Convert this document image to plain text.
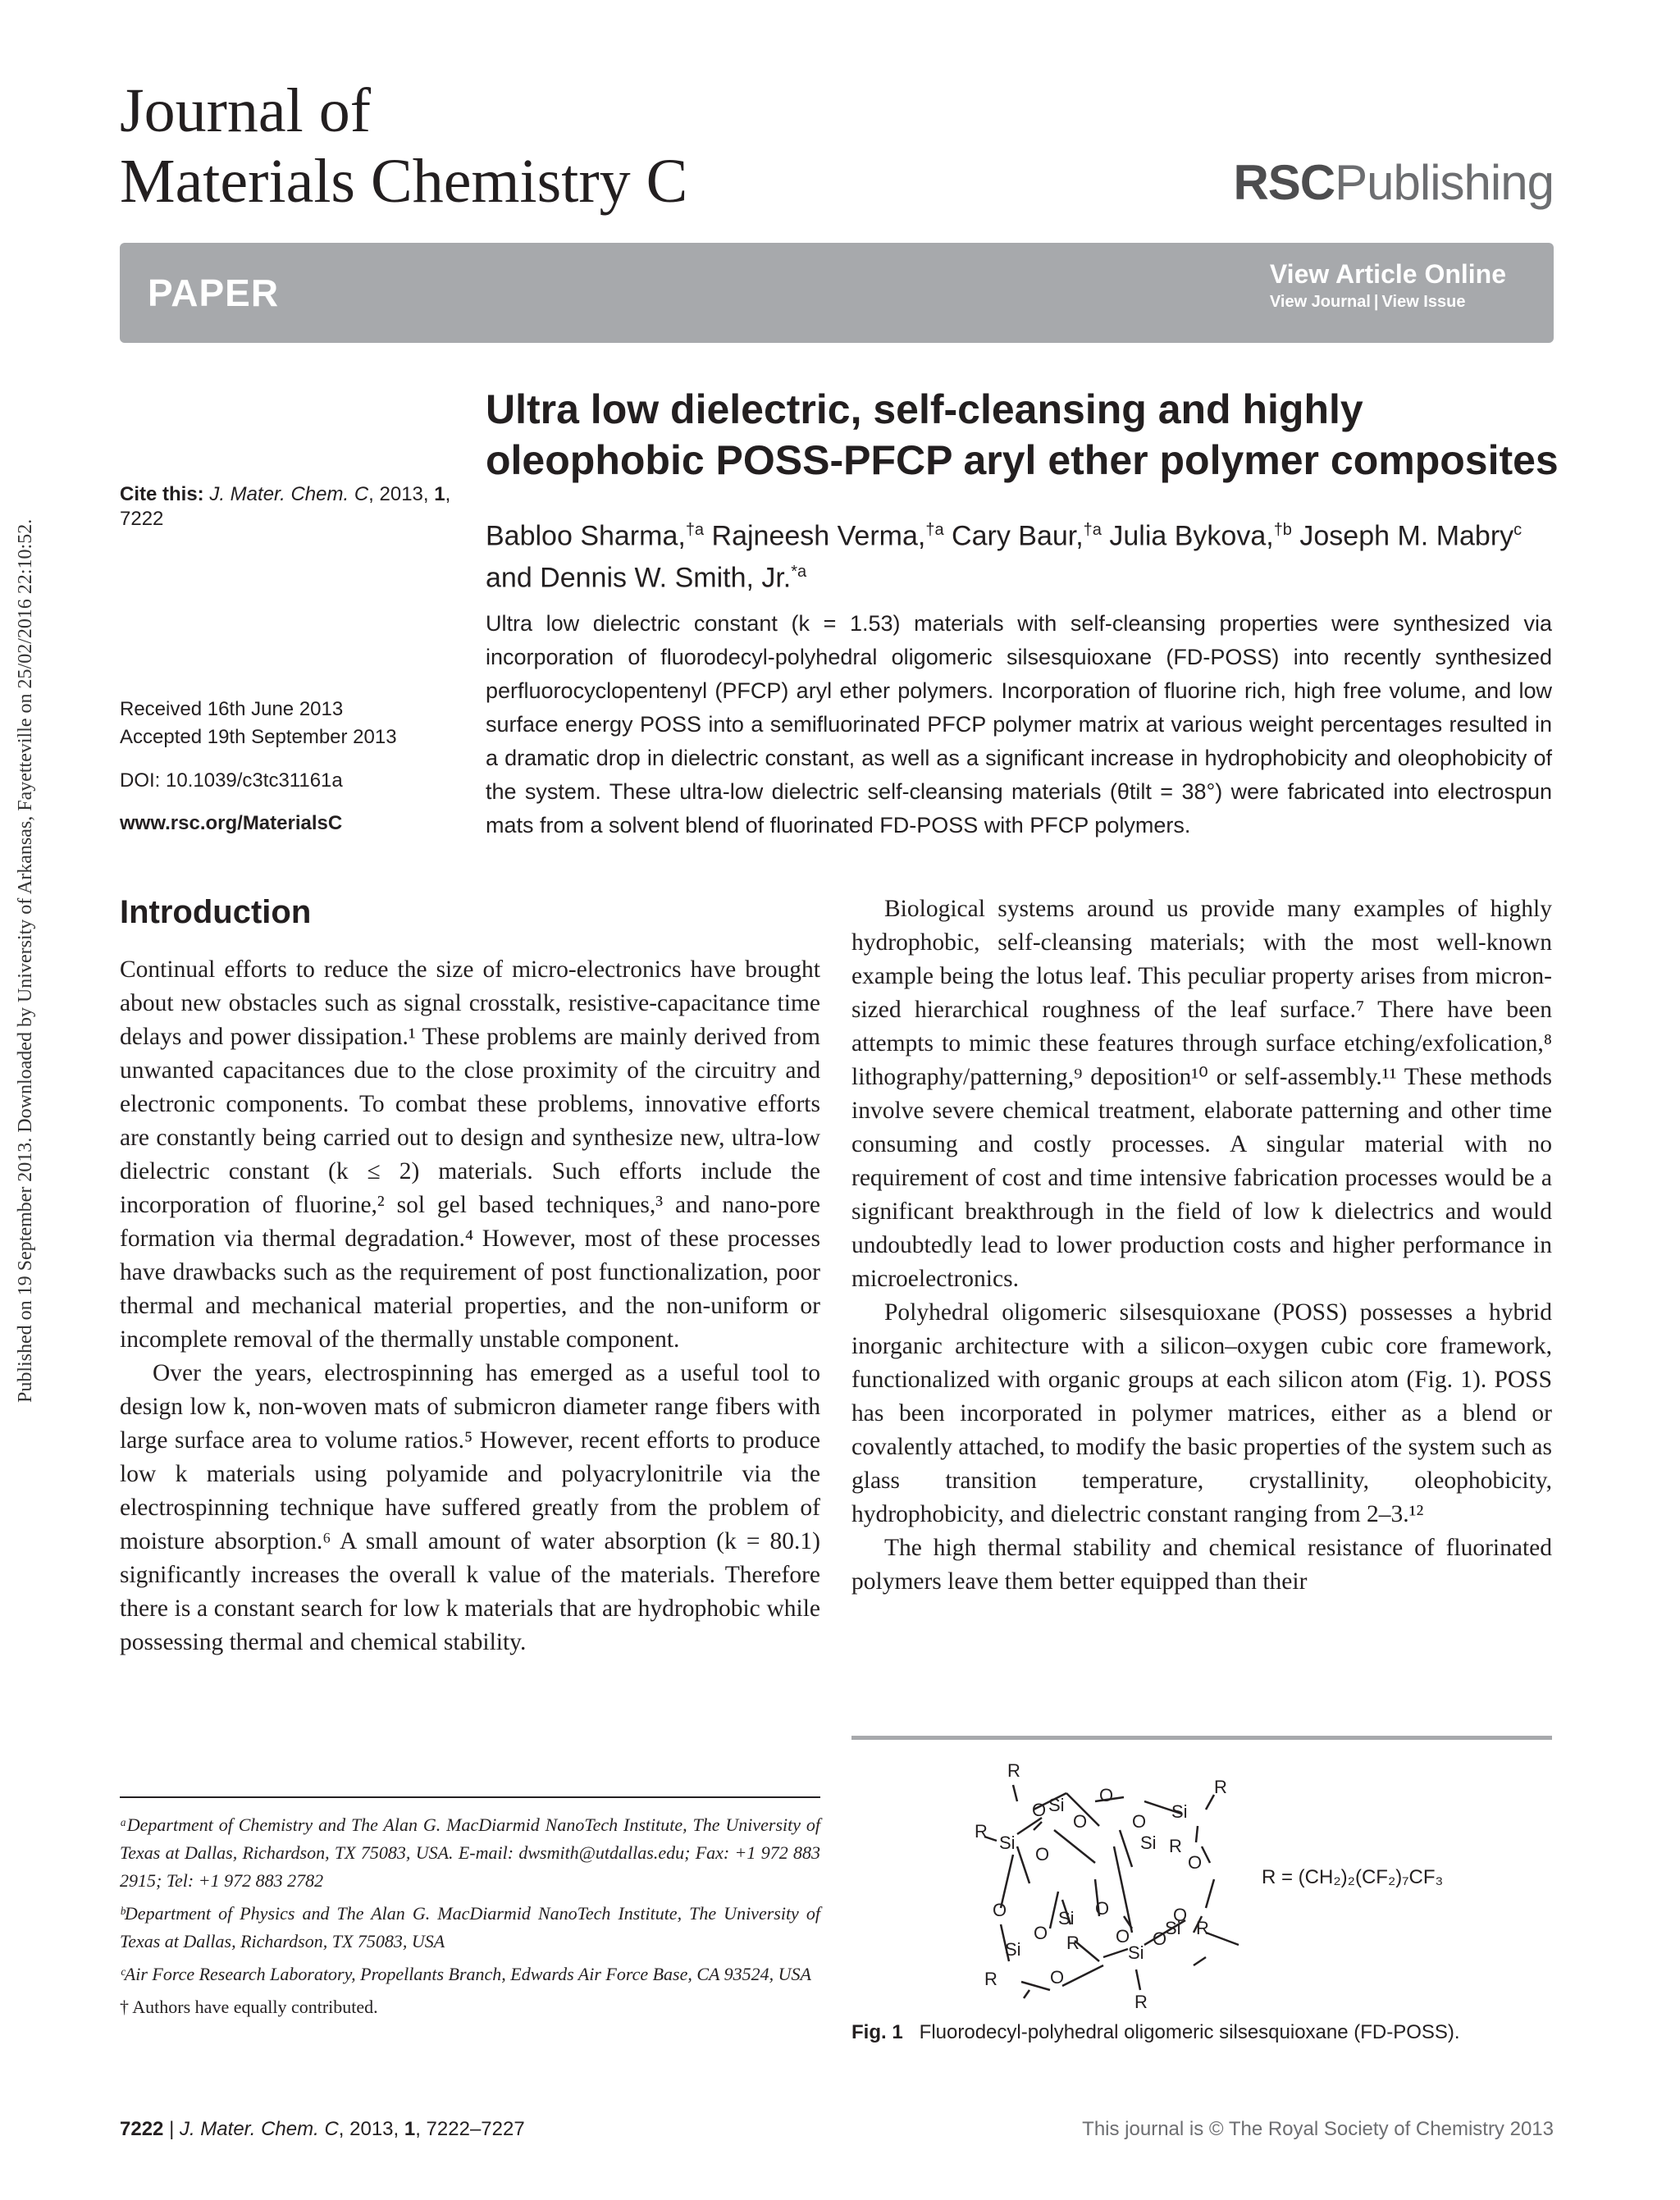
Published on 19 September 2013. Downloaded by University of Arkansas, Fayetteville on 25/02/2016 22:10:52.
Journal of
Materials Chemistry C	RSCPublishing
PAPER	View Article Online
View Journal | View Issue
Cite this: J. Mater. Chem. C, 2013, 1,
7222
Received 16th June 2013
Accepted 19th September 2013
DOI: 10.1039/c3tc31161a
www.rsc.org/MaterialsC
Ultra low dielectric, self-cleansing and highly
oleophobic POSS-PFCP aryl ether polymer composites
Babloo Sharma,$^{\dagger a}$ Rajneesh Verma,$^{\dagger a}$ Cary Baur,$^{\dagger a}$ Julia Bykova,$^{\dagger b}$ Joseph M. Mabry$^c$
and Dennis W. Smith, Jr.$^{*a}$
Ultra low dielectric constant (k = 1.53) materials with self-cleansing properties were synthesized via incorporation of fluorodecyl-polyhedral oligomeric silsesquioxane (FD-POSS) into recently synthesized perfluorocyclopentenyl (PFCP) aryl ether polymers. Incorporation of fluorine rich, high free volume, and low surface energy POSS into a semifluorinated PFCP polymer matrix at various weight percentages resulted in a dramatic drop in dielectric constant, as well as a significant increase in hydrophobicity and oleophobicity of the system. These ultra-low dielectric self-cleansing materials (θtilt = 38°) were fabricated into electrospun mats from a solvent blend of fluorinated FD-POSS with PFCP polymers.
Introduction

Continual efforts to reduce the size of micro-electronics have brought about new obstacles such as signal crosstalk, resistive-capacitance time delays and power dissipation.¹ These problems are mainly derived from unwanted capacitances due to the close proximity of the circuitry and electronic components. To combat these problems, innovative efforts are constantly being carried out to design and synthesize new, ultra-low dielectric constant (k ≤ 2) materials. Such efforts include the incorporation of fluorine,² sol gel based techniques,³ and nano-pore formation via thermal degradation.⁴ However, most of these processes have drawbacks such as the requirement of post functionalization, poor thermal and mechanical material properties, and the non-uniform or incomplete removal of the thermally unstable component.

Over the years, electrospinning has emerged as a useful tool to design low k, non-woven mats of submicron diameter range fibers with large surface area to volume ratios.⁵ However, recent efforts to produce low k materials using polyamide and polyacrylonitrile via the electrospinning technique have suffered greatly from the problem of moisture absorption.⁶ A small amount of water absorption (k = 80.1) significantly increases the overall k value of the materials. Therefore there is a constant search for low k materials that are hydrophobic while possessing thermal and chemical stability.

Biological systems around us provide many examples of highly hydrophobic, self-cleansing materials; with the most well-known example being the lotus leaf. This peculiar property arises from micron-sized hierarchical roughness of the leaf surface.⁷ There have been attempts to mimic these features through surface etching/exfolication,⁸ lithography/patterning,⁹ deposition¹⁰ or self-assembly.¹¹ These methods involve severe chemical treatment, elaborate patterning and other time consuming and costly processes. A singular material with no requirement of cost and time intensive fabrication processes would be a significant breakthrough in the field of low k dielectrics and would undoubtedly lead to lower production costs and higher performance in microelectronics.

Polyhedral oligomeric silsesquioxane (POSS) possesses a hybrid inorganic architecture with a silicon–oxygen cubic core framework, functionalized with organic groups at each silicon atom (Fig. 1). POSS has been incorporated in polymer matrices, either as a blend or covalently attached, to modify the basic properties of the system such as glass transition temperature, crystallinity, oleophobicity, hydrophobicity, and dielectric constant ranging from 2–3.¹²

The high thermal stability and chemical resistance of fluorinated polymers leave them better equipped than their

ᵃDepartment of Chemistry and The Alan G. MacDiarmid NanoTech Institute, The University of Texas at Dallas, Richardson, TX 75083, USA. E-mail: dwsmith@utdallas.edu; Fax: +1 972 883 2915; Tel: +1 972 883 2782

ᵇDepartment of Physics and The Alan G. MacDiarmid NanoTech Institute, The University of Texas at Dallas, Richardson, TX 75083, USA

ᶜAir Force Research Laboratory, Propellants Branch, Edwards Air Force Base, CA 93524, USA

† Authors have equally contributed.

R
O	R
O Si
O O Si
R
Si
O
Si R
O
O
O
Si
R
O	O
Si R
O O
Si	Si
R	O
R
R = (CH₂)₂(CF₂)₇CF₃
Fig. 1 Fluorodecyl-polyhedral oligomeric silsesquioxane (FD-POSS).
7222 | J. Mater. Chem. C, 2013, 1, 7222–7227	This journal is © The Royal Society of Chemistry 2013
